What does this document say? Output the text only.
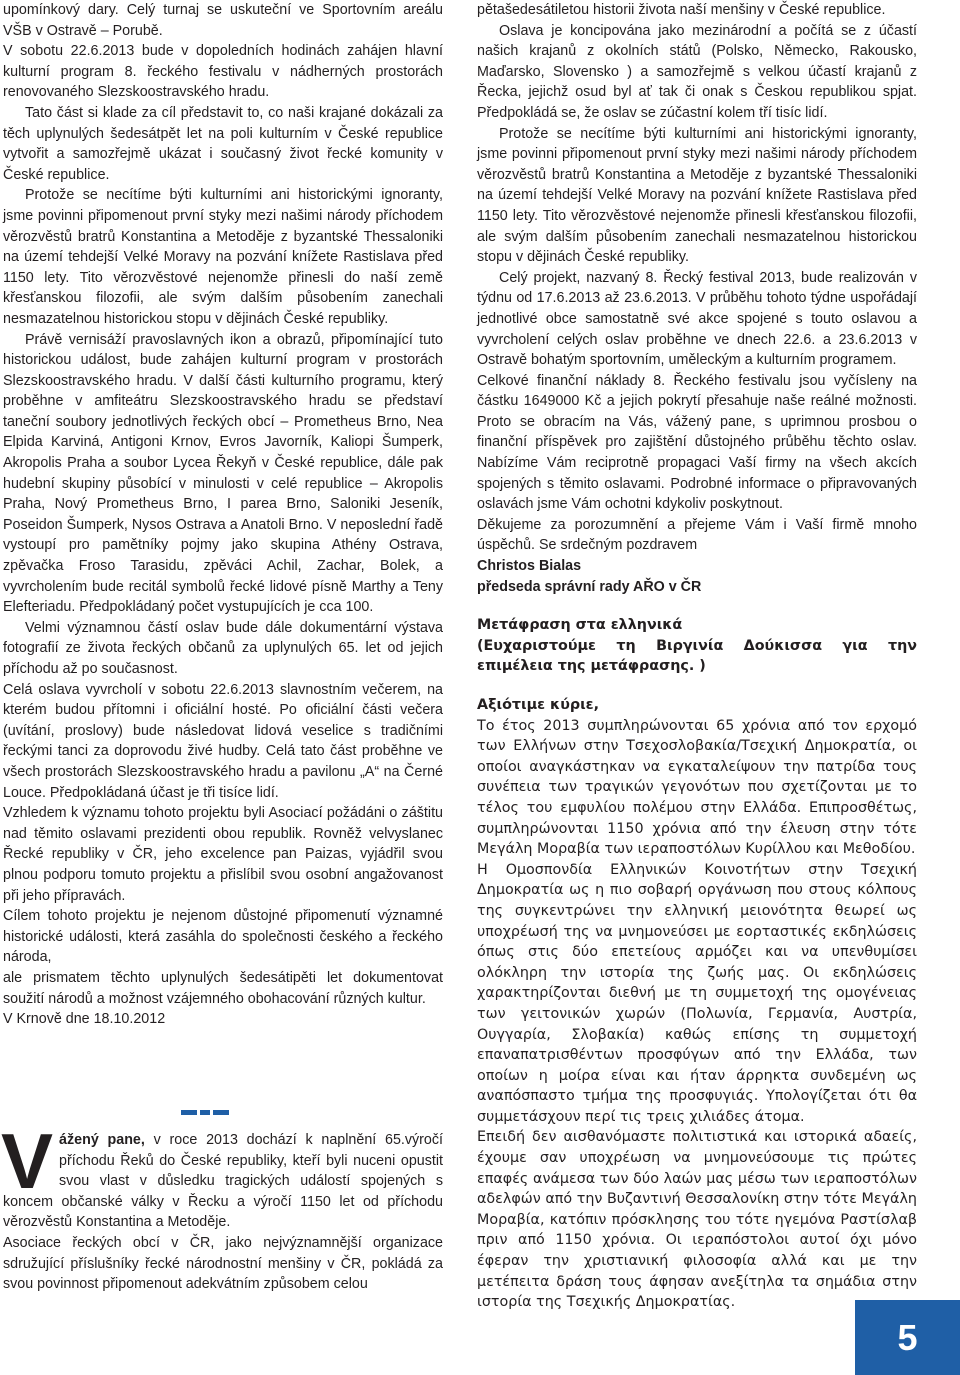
upomínkový dary. Celý turnaj se uskuteční ve Sportovním areálu VŠB v Ostravě – Porubě.

V sobotu 22.6.2013 bude v dopoledních hodinách zahájen hlavní kulturní program 8. řeckého festivalu v nádherných prostorách renovovaného Slezskoostravského hradu.

Tato část si klade za cíl představit to, co naši krajané dokázali za těch uplynulých šedesátpět let na poli kulturním v České republice vytvořit a samozřejmě ukázat i současný život řecké komunity v České republice.

Protože se necítíme býti kulturními ani historickými ignoranty, jsme povinni připomenout první styky mezi našimi národy příchodem věrozvěstů bratrů Konstantina a Metoděje z byzantské Thessaloniki na území tehdejší Velké Moravy na pozvání knížete Rastislava před 1150 lety. Tito věrozvěstové nejenomže přinesli do naší země křesťanskou filozofii, ale svým dalším působením zanechali nesmazatelnou historickou stopu v dějinách České republiky.

Právě vernisáží pravoslavných ikon a obrazů, připomínající tuto historickou událost, bude zahájen kulturní program v prostorách Slezskoostravského hradu. V další části kulturního programu, který proběhne v amfiteátru Slezskoostravského hradu se představí taneční soubory jednotlivých řeckých obcí – Prometheus Brno, Nea Elpida Karviná, Antigoni Krnov, Evros Javorník, Kaliopi Šumperk, Akropolis Praha a soubor Lycea Řekyň v České republice, dále pak hudební skupiny působící v minulosti v celé republice – Akropolis Praha, Nový Prometheus Brno, I parea Brno, Saloniki Jeseník, Poseidon Šumperk, Nysos Ostrava a Anatoli Brno. V neposlední řadě vystoupí pro pamětníky pojmy jako skupina Athény Ostrava, zpěvačka Froso Tarasidu, zpěváci Achil, Zachar, Bolek, a vyvrcholením bude recitál symbolů řecké lidové písně Marthy a Teny Elefteriadu. Předpokládaný počet vystupujících je cca 100.

Velmi významnou částí oslav bude dále dokumentární výstava fotografií ze života řeckých občanů za uplynulých 65. let od jejich příchodu až po současnost.

Celá oslava vyvrcholí v sobotu 22.6.2013 slavnostním večerem, na kterém budou přítomni i oficiální hosté. Po oficiální části večera (uvítání, proslovy) bude následovat lidová veselice s tradičními řeckými tanci za doprovodu živé hudby. Celá tato část proběhne ve všech prostorách Slezskoostravského hradu a pavilonu „A“ na Černé Louce. Předpokládaná účast je tři tisíce lidí.

Vzhledem k významu tohoto projektu byli Asociací požádáni o záštitu nad těmito oslavami prezidenti obou republik. Rovněž velvyslanec Řecké republiky v ČR, jeho excelence pan Paizas, vyjádřil svou plnou podporu tomuto projektu a přislíbil svou osobní angažovanost při jeho přípravách.

Cílem tohoto projektu je nejenom důstojné připomenutí významné historické události, která zasáhla do společnosti českého a řeckého národa,

ale prismatem těchto uplynulých šedesátipěti let dokumentovat soužití národů a možnost vzájemného obohacování různých kultur.

V Krnově dne 18.10.2012

Vážený pane, v roce 2013 dochází k naplnění 65.výročí příchodu Řeků do České republiky, kteří byli nuceni opustit svou vlast v důsledku tragických událostí spojených s koncem občanské války v Řecku a výročí 1150 let od příchodu věrozvěstů Konstantina a Metoděje.

Asociace řeckých obcí v ČR, jako nejvýznamnější organizace sdružující příslušníky řecké národnostní menšiny v ČR, pokládá za svou povinnost připomenout adekvátním způsobem celou

pětašedesátiletou historii života naší menšiny v České republice.

Oslava je koncipována jako mezinárodní a počítá se z účastí našich krajanů z okolních států (Polsko, Německo, Rakousko, Maďarsko, Slovensko ) a samozřejmě s velkou účastí krajanů z Řecka, jejichž osud byl ať tak či onak s Českou republikou spjat. Předpokládá se, že oslav se zúčastní kolem tří tisíc lidí.

Protože se necítíme býti kulturními ani historickými ignoranty, jsme povinni připomenout první styky mezi našimi národy příchodem věrozvěstů bratrů Konstantina a Metoděje z byzantské Thessaloniki na území tehdejší Velké Moravy na pozvání knížete Rastislava před 1150 lety. Tito věrozvěstové nejenomže přinesli křesťanskou filozofii, ale svým dalším působením zanechali nesmazatelnou historickou stopu v dějinách České republiky.

Celý projekt, nazvaný 8. Řecký festival 2013, bude realizován v týdnu od 17.6.2013 až 23.6.2013. V průběhu tohoto týdne uspořádají jednotlivé obce samostatně své akce spojené s touto oslavou a vyvrcholení celých oslav proběhne ve dnech 22.6. a 23.6.2013 v Ostravě bohatým sportovním, uměleckým a kulturním programem.

Celkové finanční náklady 8. Řeckého festivalu jsou vyčísleny na částku 1649000 Kč a jejich pokrytí přesahuje naše reálné možnosti. Proto se obracím na Vás, vážený pane, s uprimnou prosbou o finanční příspěvek pro zajištění důstojného průběhu těchto oslav. Nabízíme Vám reciprotně propagaci Vaší firmy na všech akcích spojených s těmito oslavami. Podrobné informace o připravovaných oslavách jsme Vám ochotni kdykoliv poskytnout.

Děkujeme za porozumnění a přejeme Vám i Vaší firmě mnoho úspěchů. Se srdečným pozdravem

Christos Bialas

předseda správní rady AŘO v ČR

Μετάφραση στα ελληνικά

(Ευχαριστούμε τη Βιργινία Δούκισσα για την επιμέλεια της μετάφρασης. )

Αξιότιμε κύριε,

Το έτος 2013 συμπληρώνονται 65 χρόνια από τον ερχομό των Ελλήνων στην Τσεχοσλοβακία/Τσεχική Δημοκρατία, οι οποίοι αναγκάστηκαν να εγκαταλείψουν την πατρίδα τους συνέπεια των τραγικών γεγονότων που σχετίζονται με το τέλος του εμφυλίου πολέμου στην Ελλάδα. Επιπροσθέτως, συμπληρώνονται 1150 χρόνια από την έλευση στην τότε Μεγάλη Μοραβία των ιεραποστόλων Κυρίλλου και Μεθοδίου.

Η Ομοσπονδία Ελληνικών Κοινοτήτων στην Τσεχική Δημοκρατία ως η πιο σοβαρή οργάνωση που στους κόλπους της συγκεντρώνει την ελληνική μειονότητα θεωρεί ως υποχρέωσή της να μνημονεύσει με εορταστικές εκδηλώσεις όπως στις δύο επετείους αρμόζει και να υπενθυμίσει ολόκληρη την ιστορία της ζωής μας. Οι εκδηλώσεις χαρακτηρίζονται διεθνή με τη συμμετοχή της ομογένειας των γειτονικών χωρών (Πολωνία, Γερμανία, Αυστρία, Ουγγαρία, Σλοβακία) καθώς επίσης τη συμμετοχή επαναπατρισθέντων προσφύγων από την Ελλάδα, των οποίων η μοίρα είναι και ήταν άρρηκτα συνδεμένη ως αναπόσπαστο τμήμα της προσφυγιάς. Υπολογίζεται ότι θα συμμετάσχουν περί τις τρεις χιλιάδες άτομα.

Επειδή δεν αισθανόμαστε πολιτιστικά και ιστορικά αδαείς, έχουμε σαν υποχρέωση να μνημονεύσουμε τις πρώτες επαφές ανάμεσα των δύο λαών μας μέσω των ιεραποστόλων αδελφών από την Βυζαντινή Θεσσαλονίκη στην τότε Μεγάλη Μοραβία, κατόπιν πρόσκλησης του τότε ηγεμόνα Ραστίσλαβ πριν από 1150 χρόνια. Οι ιεραπόστολοι αυτοί όχι μόνο έφεραν την χριστιανική φιλοσοφία αλλά και με την μετέπειτα δράση τους άφησαν ανεξίτηλα τα σημάδια στην ιστορία της Τσεχικής Δημοκρατίας.

5
